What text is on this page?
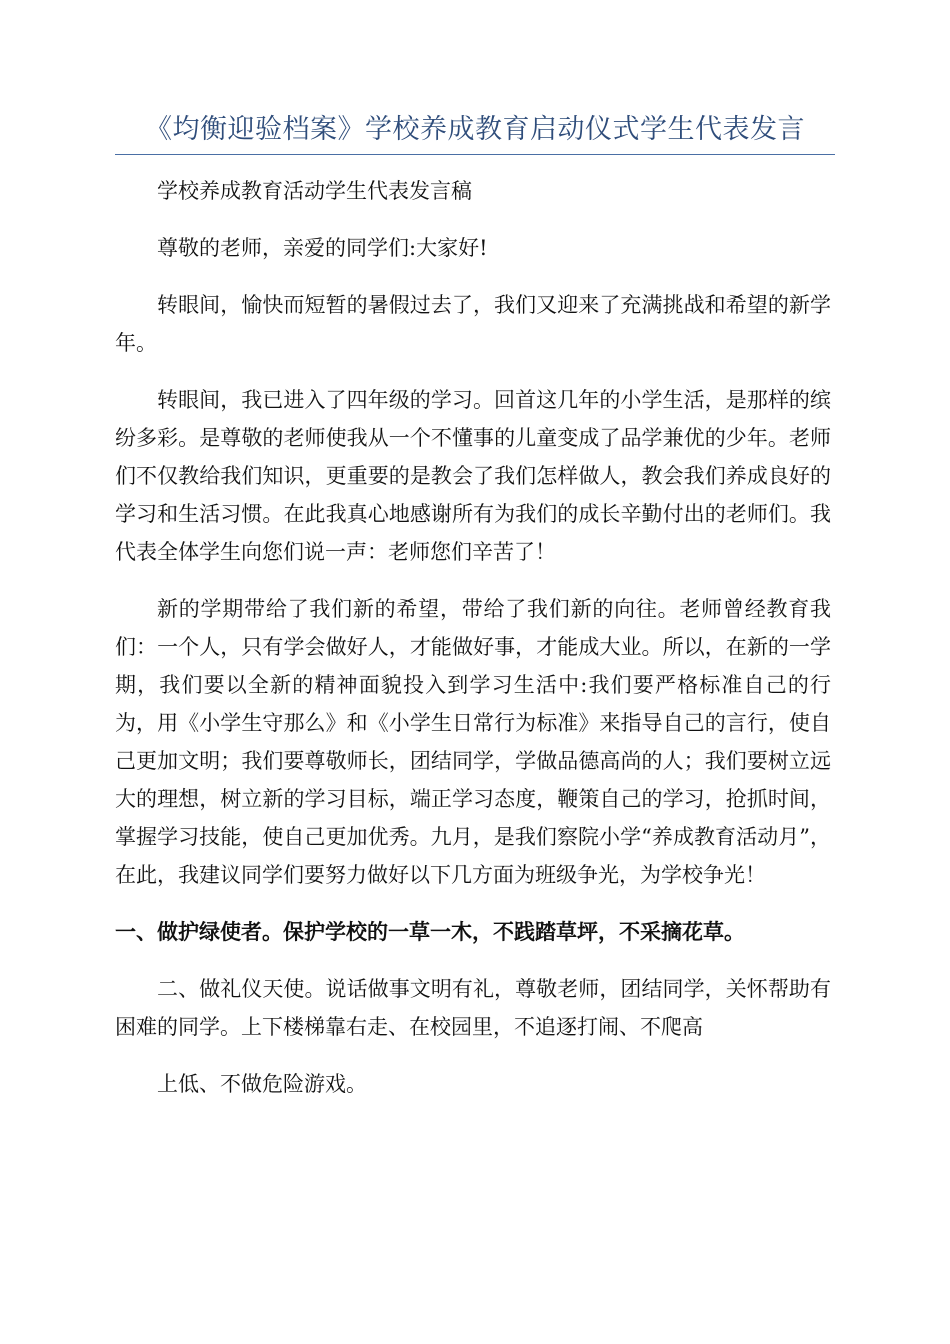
《均衡迎验档案》学校养成教育启动仪式学生代表发言

学校养成教育活动学生代表发言稿

尊敬的老师，亲爱的同学们:大家好!

转眼间，愉快而短暂的暑假过去了，我们又迎来了充满挑战和希望的新学年。

转眼间，我已进入了四年级的学习。回首这几年的小学生活，是那样的缤纷多彩。是尊敬的老师使我从一个不懂事的儿童变成了品学兼优的少年。老师们不仅教给我们知识，更重要的是教会了我们怎样做人，教会我们养成良好的学习和生活习惯。在此我真心地感谢所有为我们的成长辛勤付出的老师们。我代表全体学生向您们说一声：老师您们辛苦了！

新的学期带给了我们新的希望，带给了我们新的向往。老师曾经教育我们：一个人，只有学会做好人，才能做好事，才能成大业。所以，在新的一学期，我们要以全新的精神面貌投入到学习生活中:我们要严格标准自己的行为，用《小学生守那么》和《小学生日常行为标准》来指导自己的言行，使自己更加文明；我们要尊敬师长，团结同学，学做品德高尚的人；我们要树立远大的理想，树立新的学习目标，端正学习态度，鞭策自己的学习，抢抓时间，掌握学习技能，使自己更加优秀。九月，是我们察院小学“养成教育活动月”，在此，我建议同学们要努力做好以下几方面为班级争光，为学校争光！

一、做护绿使者。保护学校的一草一木，不践踏草坪，不采摘花草。

二、做礼仪天使。说话做事文明有礼，尊敬老师，团结同学，关怀帮助有困难的同学。上下楼梯靠右走、在校园里，不追逐打闹、不爬高

上低、不做危险游戏。
